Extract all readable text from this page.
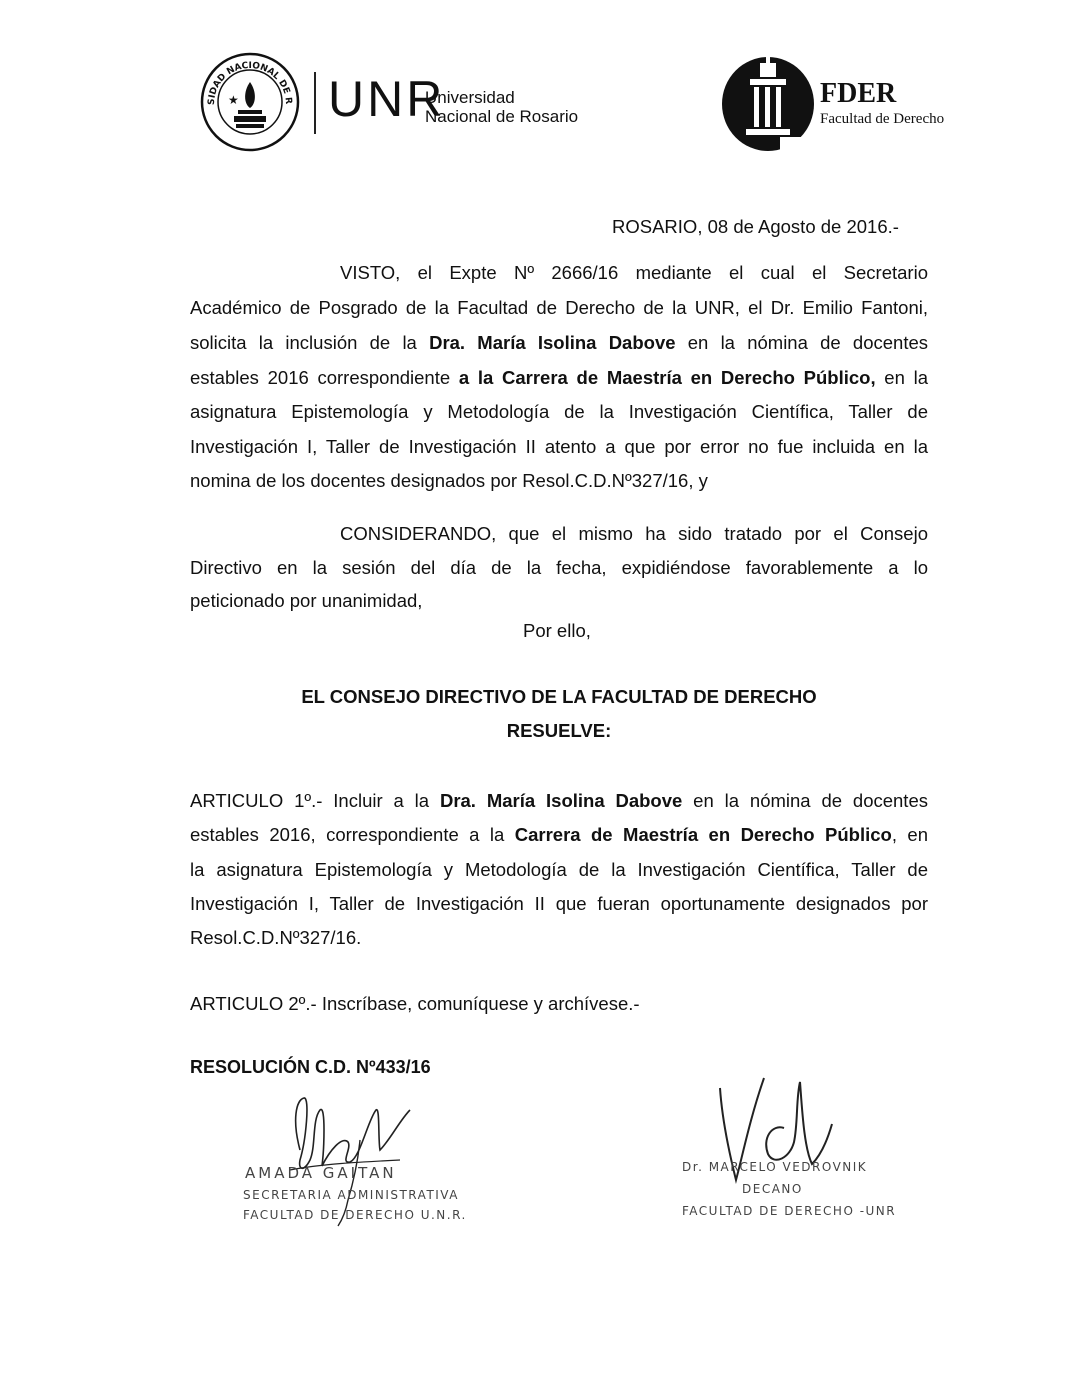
SIDAD NACIONAL DE R
★ UNR
Universidad
Nacional de Rosario
FDER
Facultad de Derecho
ROSARIO, 08 de Agosto de 2016.-
VISTO, el Expte Nº 2666/16 mediante el cual el Secretario
Académico de Posgrado de la Facultad de Derecho de la UNR, el Dr. Emilio Fantoni,
solicita la inclusión de la Dra. María Isolina Dabove en la nómina de docentes
estables 2016 correspondiente a la Carrera de Maestría en Derecho Público, en la
asignatura Epistemología y Metodología de la Investigación Científica, Taller de
Investigación I, Taller de Investigación II atento a que por error no fue incluida en la
nomina de los docentes designados por Resol.C.D.Nº327/16, y
CONSIDERANDO, que el mismo ha sido tratado por el Consejo
Directivo en la sesión del día de la fecha, expidiéndose favorablemente a lo
peticionado por unanimidad,
Por ello,
EL CONSEJO DIRECTIVO DE LA FACULTAD DE DERECHO
RESUELVE:
ARTICULO 1º.- Incluir a la Dra. María Isolina Dabove en la nómina de docentes
estables 2016, correspondiente a la Carrera de Maestría en Derecho Público, en
la asignatura Epistemología y Metodología de la Investigación Científica, Taller de
Investigación I, Taller de Investigación II que fueran oportunamente designados por
Resol.C.D.Nº327/16.
ARTICULO 2º.- Inscríbase, comuníquese y archívese.-
RESOLUCIÓN C.D. Nº433/16
AMADA GAITAN
SECRETARIA ADMINISTRATIVA
FACULTAD DE DERECHO U.N.R.
Dr. MARCELO VEDROVNIK
DECANO
FACULTAD DE DERECHO -UNR
